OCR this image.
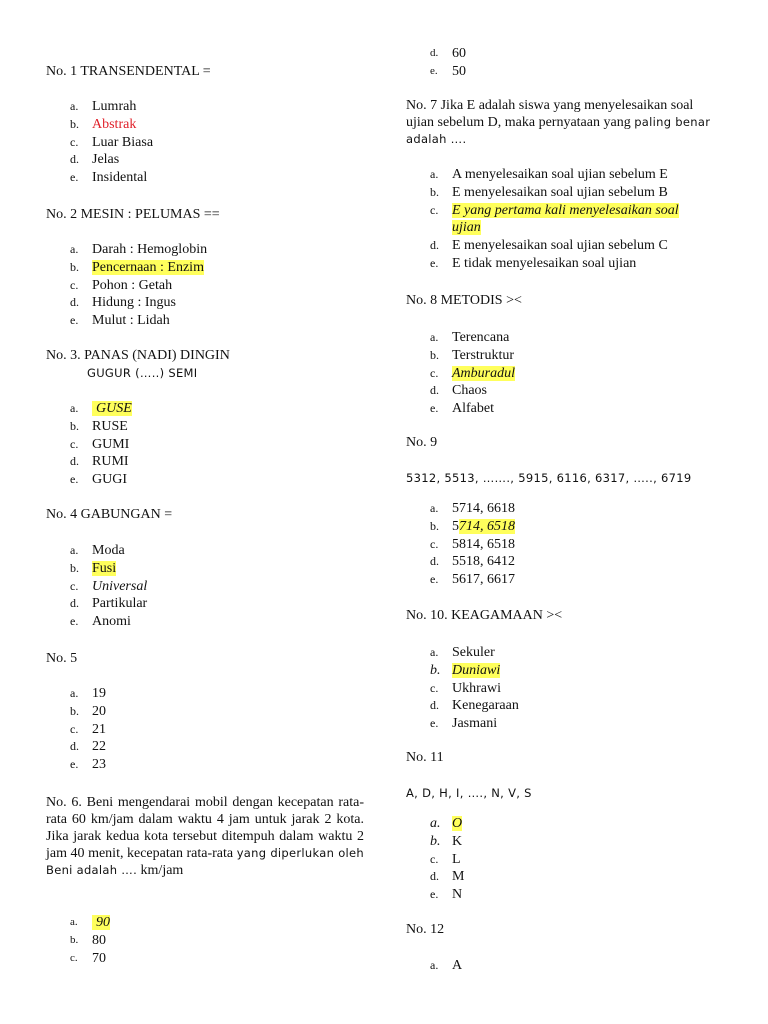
No. 1 TRANSENDENTAL =
a. Lumrah
b. Abstrak
c. Luar Biasa
d. Jelas
e. Insidental
No. 2 MESIN : PELUMAS ==
a. Darah : Hemoglobin
b. Pencernaan : Enzim
c. Pohon : Getah
d. Hidung : Ingus
e. Mulut : Lidah
No. 3. PANAS (NADI) DINGIN
GUGUR (…..) SEMI
a. GUSE
b. RUSE
c. GUMI
d. RUMI
e. GUGI
No. 4 GABUNGAN =
a. Moda
b. Fusi
c. Universal
d. Partikular
e. Anomi
No. 5
a. 19
b. 20
c. 21
d. 22
e. 23
No. 6. Beni mengendarai mobil dengan kecepatan rata-rata 60 km/jam dalam waktu 4 jam untuk jarak 2 kota. Jika jarak kedua kota tersebut ditempuh dalam waktu 2 jam 40 menit, kecepatan rata-rata yang diperlukan oleh Beni adalah …. km/jam
a. 90
b. 80
c. 70
d. 60
e. 50
No. 7 Jika E adalah siswa yang menyelesaikan soal ujian sebelum D, maka pernyataan yang paling benar adalah ….
a. A menyelesaikan soal ujian sebelum E
b. E menyelesaikan soal ujian sebelum B
c. E yang pertama kali menyelesaikan soal
ujian
d. E menyelesaikan soal ujian sebelum C
e. E tidak menyelesaikan soal ujian
No. 8 METODIS ><
a. Terencana
b. Terstruktur
c. Amburadul
d. Chaos
e. Alfabet
No. 9
5312, 5513, ……., 5915, 6116, 6317, ….., 6719
a. 5714, 6618
b. 5714, 6518
c. 5814, 6518
d. 5518, 6412
e. 5617, 6617
No. 10. KEAGAMAAN ><
a. Sekuler
b. Duniawi
c. Ukhrawi
d. Kenegaraan
e. Jasmani
No. 11
A, D, H, I, …., N, V, S
a. O
b. K
c. L
d. M
e. N
No. 12
a. A
